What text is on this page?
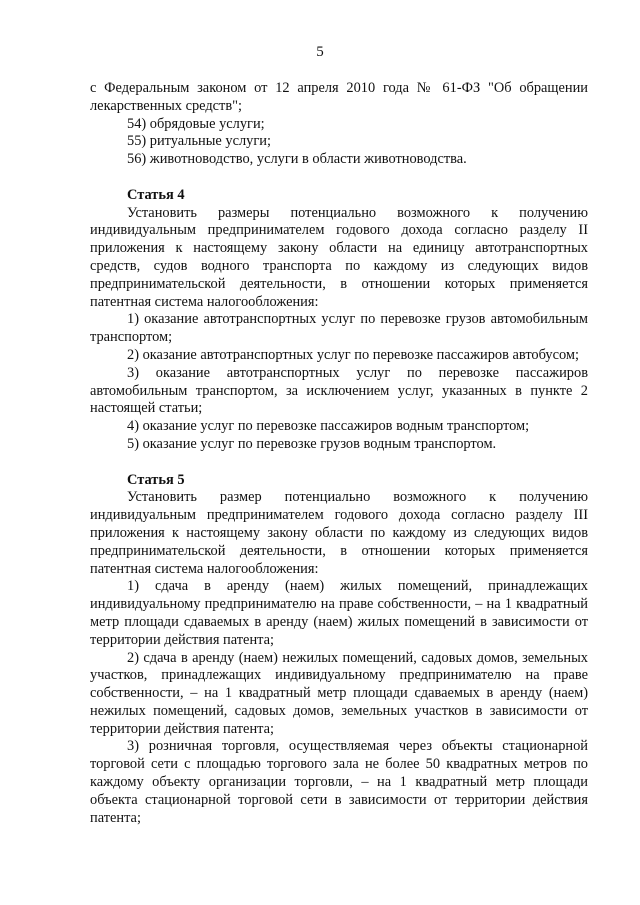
5

с Федеральным законом от 12 апреля 2010 года № 61-ФЗ "Об обращении лекарственных средств";

54) обрядовые услуги;

55) ритуальные услуги;

56) животноводство, услуги в области животноводства.

Статья 4

Установить размеры потенциально возможного к получению индивидуальным предпринимателем годового дохода согласно разделу II приложения к настоящему закону области на единицу автотранспортных средств, судов водного транспорта по каждому из следующих видов предпринимательской деятельности, в отношении которых применяется патентная система налогообложения:

1) оказание автотранспортных услуг по перевозке грузов автомобильным транспортом;

2) оказание автотранспортных услуг по перевозке пассажиров автобусом;

3) оказание автотранспортных услуг по перевозке пассажиров автомобильным транспортом, за исключением услуг, указанных в пункте 2 настоящей статьи;

4) оказание услуг по перевозке пассажиров водным транспортом;

5) оказание услуг по перевозке грузов водным транспортом.

Статья 5

Установить размер потенциально возможного к получению индивидуальным предпринимателем годового дохода согласно разделу III приложения к настоящему закону области по каждому из следующих видов предпринимательской деятельности, в отношении которых применяется патентная система налогообложения:

1) сдача в аренду (наем) жилых помещений, принадлежащих индивидуальному предпринимателю на праве собственности, – на 1 квадратный метр площади сдаваемых в аренду (наем) жилых помещений в зависимости от территории действия патента;

2) сдача в аренду (наем) нежилых помещений, садовых домов, земельных участков, принадлежащих индивидуальному предпринимателю на праве собственности, – на 1 квадратный метр площади сдаваемых в аренду (наем) нежилых помещений, садовых домов, земельных участков в зависимости от территории действия патента;

3) розничная торговля, осуществляемая через объекты стационарной торговой сети с площадью торгового зала не более 50 квадратных метров по каждому объекту организации торговли, – на 1 квадратный метр площади объекта стационарной торговой сети в зависимости от территории действия патента;
